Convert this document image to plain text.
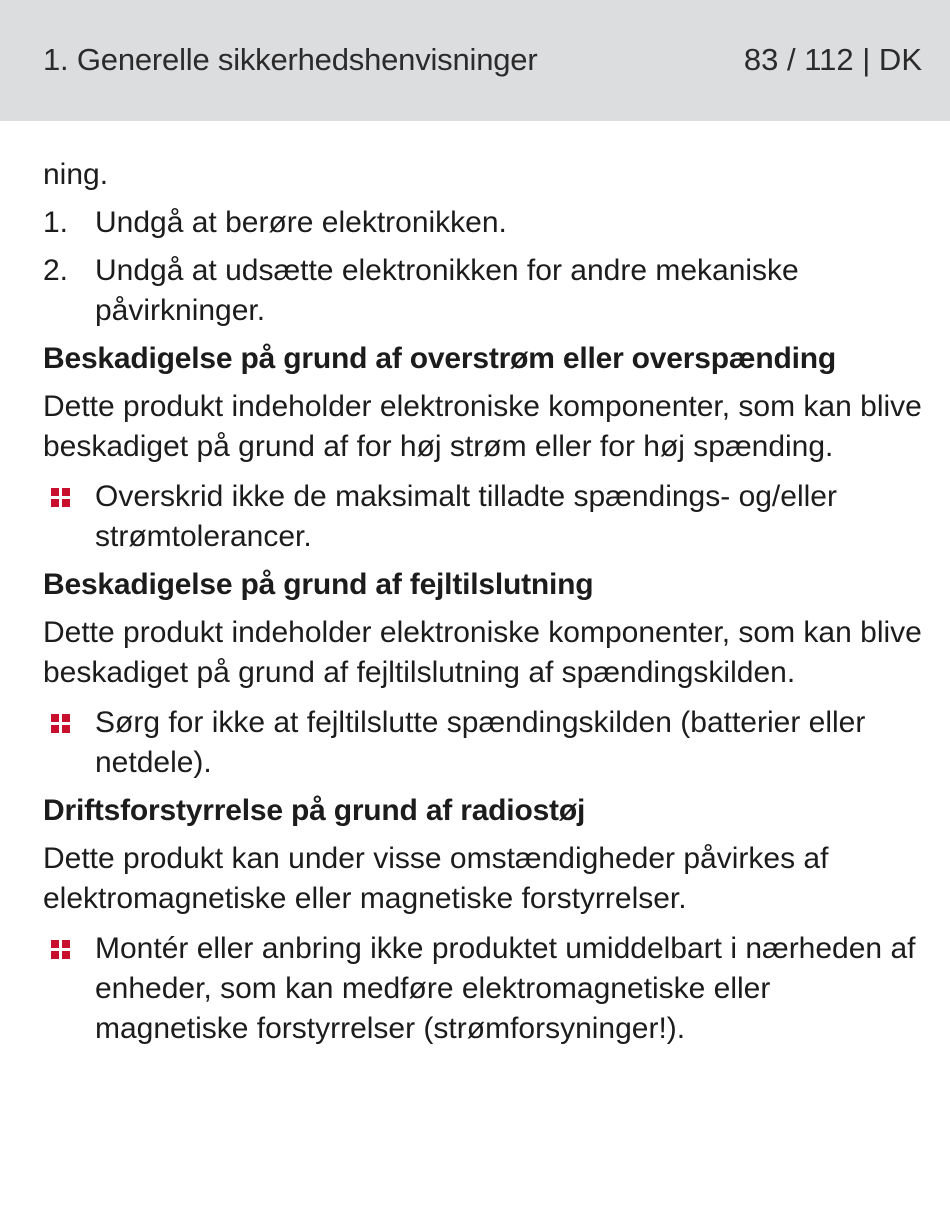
1. Generelle sikkerhedshenvisninger	83 / 112 | DK
ning.
1. Undgå at berøre elektronikken.
2. Undgå at udsætte elektronikken for andre mekaniske påvirkninger.
Beskadigelse på grund af overstrøm eller overspænding
Dette produkt indeholder elektroniske komponenter, som kan blive beskadiget på grund af for høj strøm eller for høj spænding.
Overskrid ikke de maksimalt tilladte spændings- og/eller strømtolerancer.
Beskadigelse på grund af fejltilslutning
Dette produkt indeholder elektroniske komponenter, som kan blive beskadiget på grund af fejltilslutning af spændingskilden.
Sørg for ikke at fejltilslutte spændingskilden (batterier eller netdele).
Driftsforstyrrelse på grund af radiostøj
Dette produkt kan under visse omstændigheder påvirkes af elektromagnetiske eller magnetiske forstyrrelser.
Montér eller anbring ikke produktet umiddelbart i nærheden af enheder, som kan medføre elektromagnetiske eller magnetiske forstyrrelser (strømforsyninger!).
